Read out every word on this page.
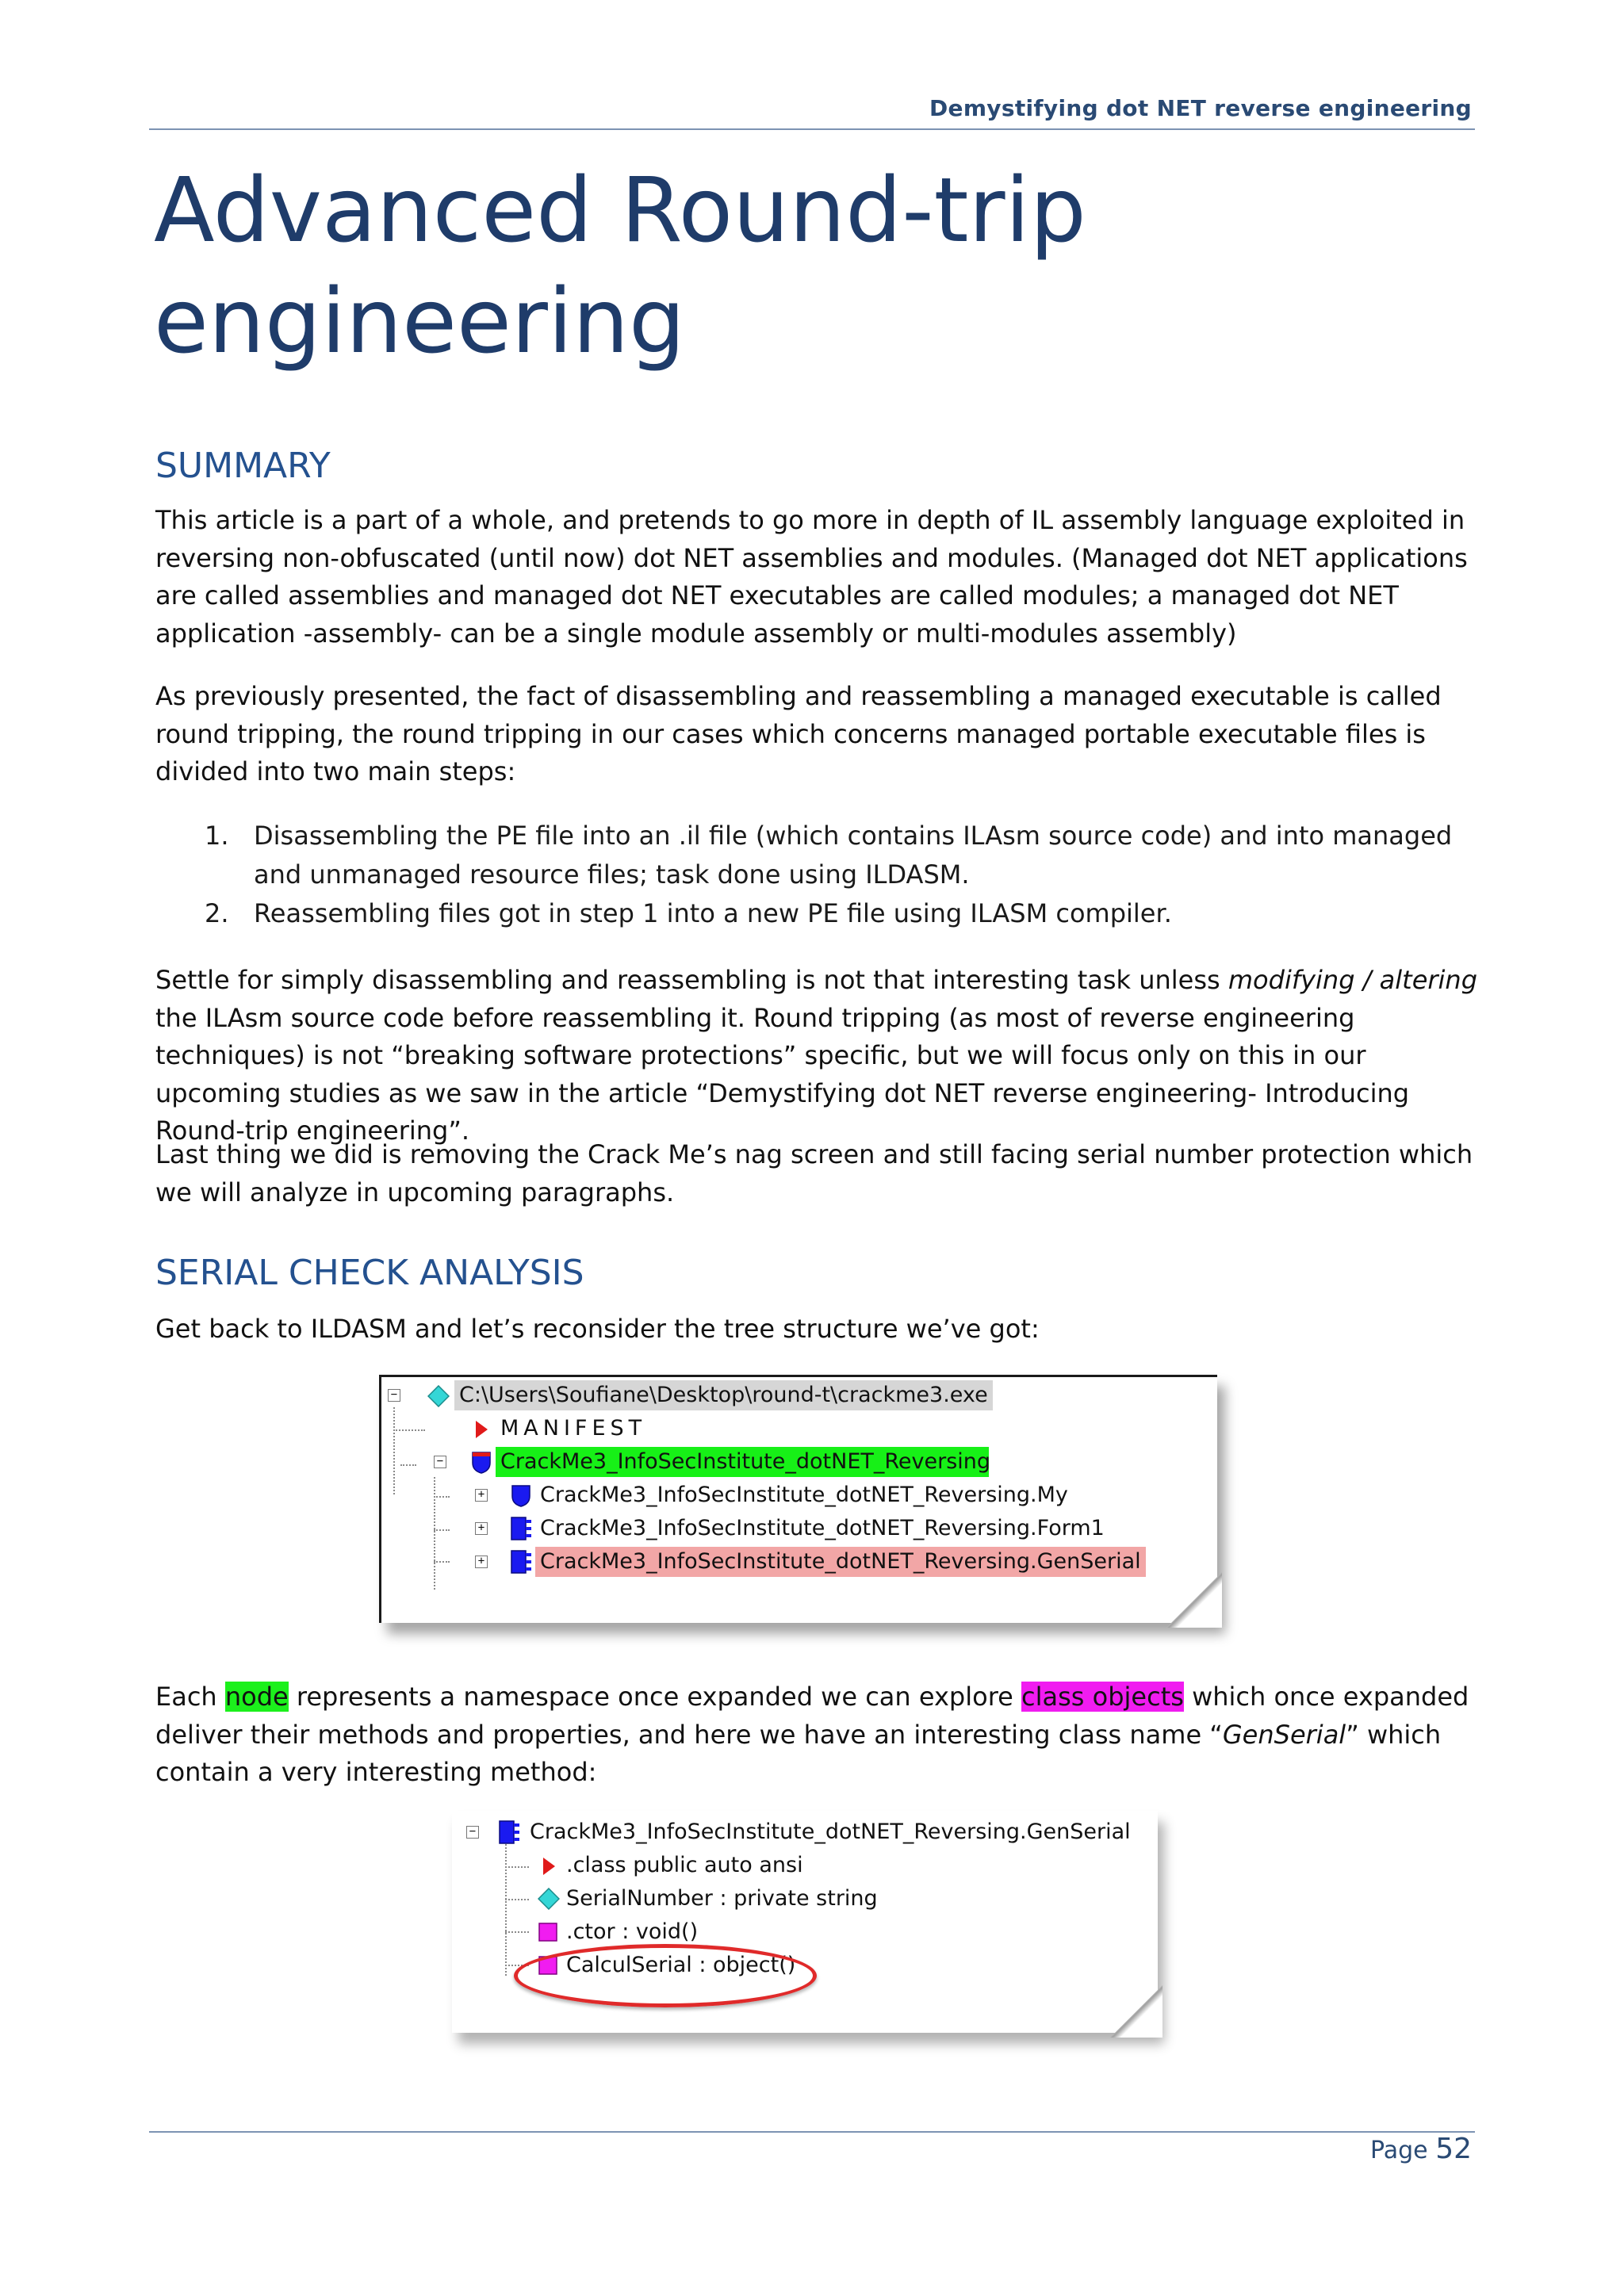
Demystifying dot NET reverse engineering
Advanced Round-trip
engineering
SUMMARY

This article is a part of a whole, and pretends to go more in depth of IL assembly language exploited in reversing non-obfuscated (until now) dot NET assemblies and modules. (Managed dot NET applications are called assemblies and managed dot NET executables are called modules; a managed dot NET application -assembly- can be a single module assembly or multi-modules assembly)

As previously presented, the fact of disassembling and reassembling a managed executable is called round tripping, the round tripping in our cases which concerns managed portable executable files is divided into two main steps:

1. Disassembling the PE file into an .il file (which contains ILAsm source code) and into managed and unmanaged resource files; task done using ILDASM.
2. Reassembling files got in step 1 into a new PE file using ILASM compiler.

Settle for simply disassembling and reassembling is not that interesting task unless modifying / altering the ILAsm source code before reassembling it. Round tripping (as most of reverse engineering techniques) is not “breaking software protections” specific, but we will focus only on this in our upcoming studies as we saw in the article “Demystifying dot NET reverse engineering- Introducing Round-trip engineering”.

Last thing we did is removing the Crack Me’s nag screen and still facing serial number protection which we will analyze in upcoming paragraphs.

SERIAL CHECK ANALYSIS

Get back to ILDASM and let’s reconsider the tree structure we’ve got:

−	C:\Users\Soufiane\Desktop\round-t\crackme3.exe
MANIFEST
−	CrackMe3_InfoSecInstitute_dotNET_Reversing
+	CrackMe3_InfoSecInstitute_dotNET_Reversing.My
+	CrackMe3_InfoSecInstitute_dotNET_Reversing.Form1
+	CrackMe3_InfoSecInstitute_dotNET_Reversing.GenSerial

Each node represents a namespace once expanded we can explore class objects which once expanded deliver their methods and properties, and here we have an interesting class name “GenSerial” which contain a very interesting method:

−	CrackMe3_InfoSecInstitute_dotNET_Reversing.GenSerial
.class public auto ansi
SerialNumber : private string
.ctor : void()
CalculSerial : object()
Page 52
